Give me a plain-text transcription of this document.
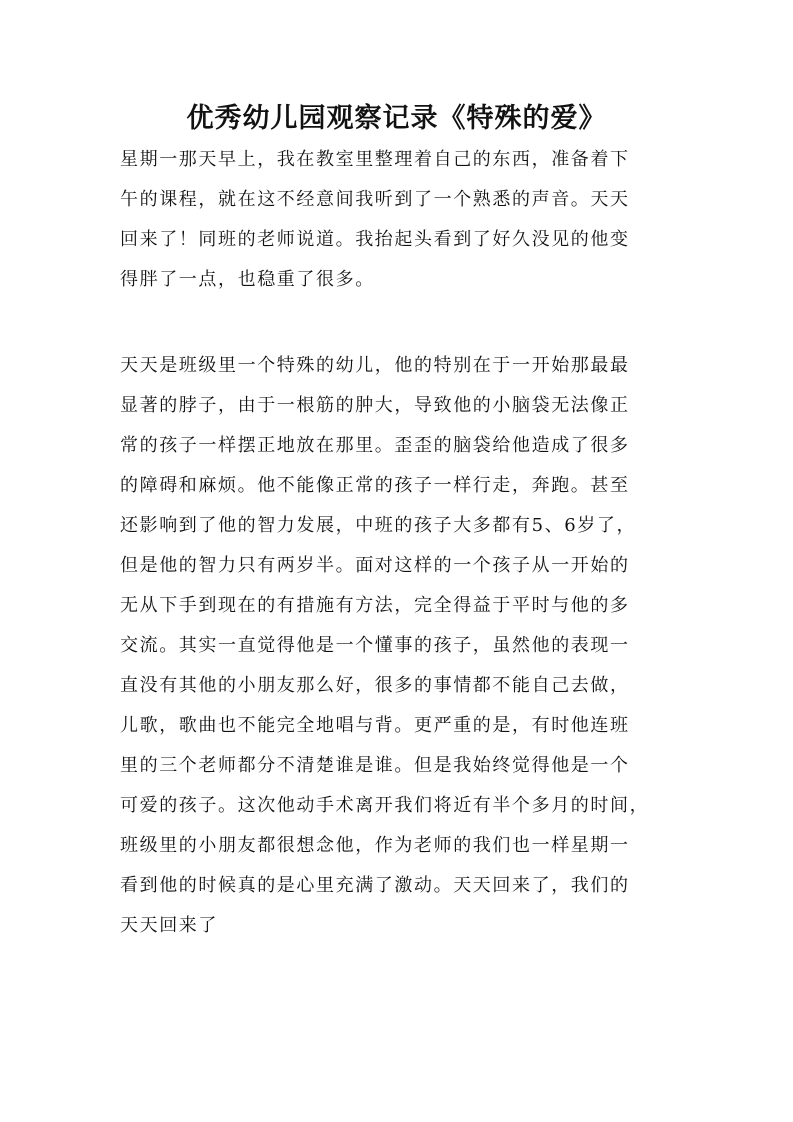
优秀幼儿园观察记录《特殊的爱》
星期一那天早上，我在教室里整理着自己的东西，准备着下
午的课程，就在这不经意间我听到了一个熟悉的声音。天天
回来了！同班的老师说道。我抬起头看到了好久没见的他变
得胖了一点，也稳重了很多。
天天是班级里一个特殊的幼儿，他的特别在于一开始那最最
显著的脖子，由于一根筋的肿大，导致他的小脑袋无法像正
常的孩子一样摆正地放在那里。歪歪的脑袋给他造成了很多
的障碍和麻烦。他不能像正常的孩子一样行走，奔跑。甚至
还影响到了他的智力发展，中班的孩子大多都有5、6岁了，
但是他的智力只有两岁半。面对这样的一个孩子从一开始的
无从下手到现在的有措施有方法，完全得益于平时与他的多
交流。其实一直觉得他是一个懂事的孩子，虽然他的表现一
直没有其他的小朋友那么好，很多的事情都不能自己去做，
儿歌，歌曲也不能完全地唱与背。更严重的是，有时他连班
里的三个老师都分不清楚谁是谁。但是我始终觉得他是一个
可爱的孩子。这次他动手术离开我们将近有半个多月的时间，
班级里的小朋友都很想念他，作为老师的我们也一样星期一
看到他的时候真的是心里充满了激动。天天回来了，我们的
天天回来了
